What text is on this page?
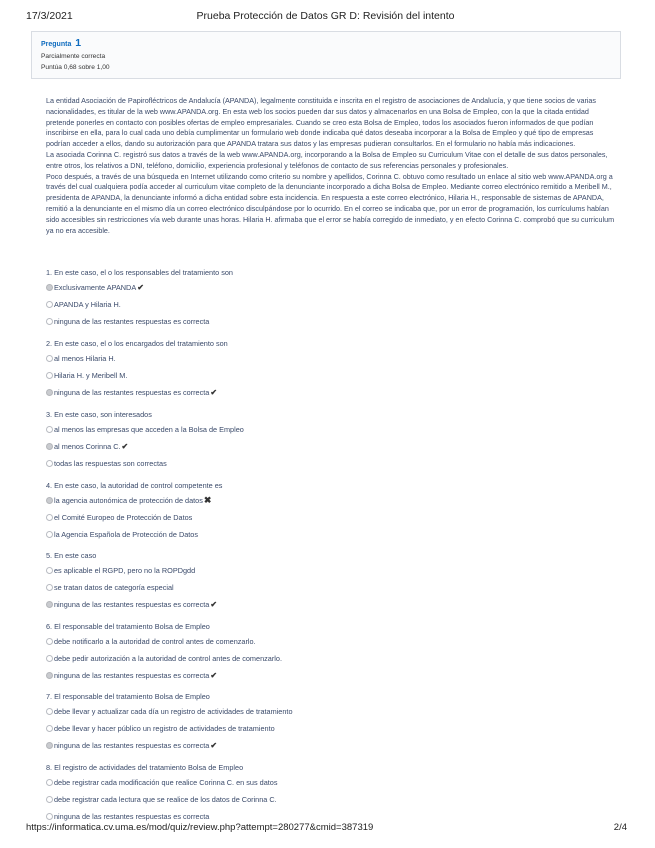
17/3/2021	Prueba Protección de Datos GR D: Revisión del intento
Pregunta 1
Parcialmente correcta
Puntúa 0,68 sobre 1,00

La entidad Asociación de Papirofléctricos de Andalucía (APANDA), legalmente constituida e inscrita en el registro de asociaciones de Andalucía, y que tiene socios de varias nacionalidades, es titular de la web www.APANDA.org. En esta web los socios pueden dar sus datos y almacenarlos en una Bolsa de Empleo, con la que la citada entidad pretende ponerles en contacto con posibles ofertas de empleo empresariales. Cuando se creo esta Bolsa de Empleo, todos los asociados fueron informados de que podían inscribirse en ella, para lo cual cada uno debía cumplimentar un formulario web donde indicaba qué datos deseaba incorporar a la Bolsa de Empleo y qué tipo de empresas podrían acceder a ellos, dando su autorización para que APANDA tratara sus datos y las empresas pudieran consultarlos. En el formulario no había más indicaciones.

La asociada Corinna C. registró sus datos a través de la web www.APANDA.org, incorporando a la Bolsa de Empleo su Curriculum Vitae con el detalle de sus datos personales, entre otros, los relativos a DNI, teléfono, domicilio, experiencia profesional y teléfonos de contacto de sus referencias personales y profesionales.

Poco después, a través de una búsqueda en Internet utilizando como criterio su nombre y apellidos, Corinna C. obtuvo como resultado un enlace al sitio web www.APANDA.org a través del cual cualquiera podía acceder al curriculum vitae completo de la denunciante incorporado a dicha Bolsa de Empleo. Mediante correo electrónico remitido a Meribell M., presidenta de APANDA, la denunciante informó a dicha entidad sobre esta incidencia. En respuesta a este correo electrónico, Hilaria H., responsable de sistemas de APANDA, remitió a la denunciante en el mismo día un correo electrónico disculpándose por lo ocurrido. En el correo se indicaba que, por un error de programación, los currículums habían sido accesibles sin restricciones vía web durante unas horas. Hilaria H. afirmaba que el error se había corregido de inmediato, y en efecto Corinna C. comprobó que su curriculum ya no era accesible.

1. En este caso, el o los responsables del tratamiento son
Exclusivamente APANDA ✔
APANDA y Hilaria H.
ninguna de las restantes respuestas es correcta
2. En este caso, el o los encargados del tratamiento son
al menos Hilaria H.
Hilaria H. y Meribell M.
ninguna de las restantes respuestas es correcta ✔
3. En este caso, son interesados
al menos las empresas que acceden a la Bolsa de Empleo
al menos Corinna C. ✔
todas las respuestas son correctas
4. En este caso, la autoridad de control competente es
la agencia autonómica de protección de datos ✖
el Comité Europeo de Protección de Datos
la Agencia Española de Protección de Datos
5. En este caso
es aplicable el RGPD, pero no la ROPDgdd
se tratan datos de categoría especial
ninguna de las restantes respuestas es correcta ✔
6. El responsable del tratamiento Bolsa de Empleo
debe notificarlo a la autoridad de control antes de comenzarlo.
debe pedir autorización a la autoridad de control antes de comenzarlo.
ninguna de las restantes respuestas es correcta ✔
7. El responsable del tratamiento Bolsa de Empleo
debe llevar y actualizar cada día un registro de actividades de tratamiento
debe llevar y hacer público un registro de actividades de tratamiento
ninguna de las restantes respuestas es correcta ✔
8. El registro de actividades del tratamiento Bolsa de Empleo
debe registrar cada modificación que realice Corinna C. en sus datos
debe registrar cada lectura que se realice de los datos de Corinna C.
ninguna de las restantes respuestas es correcta
https://informatica.cv.uma.es/mod/quiz/review.php?attempt=280277&cmid=387319	2/4
